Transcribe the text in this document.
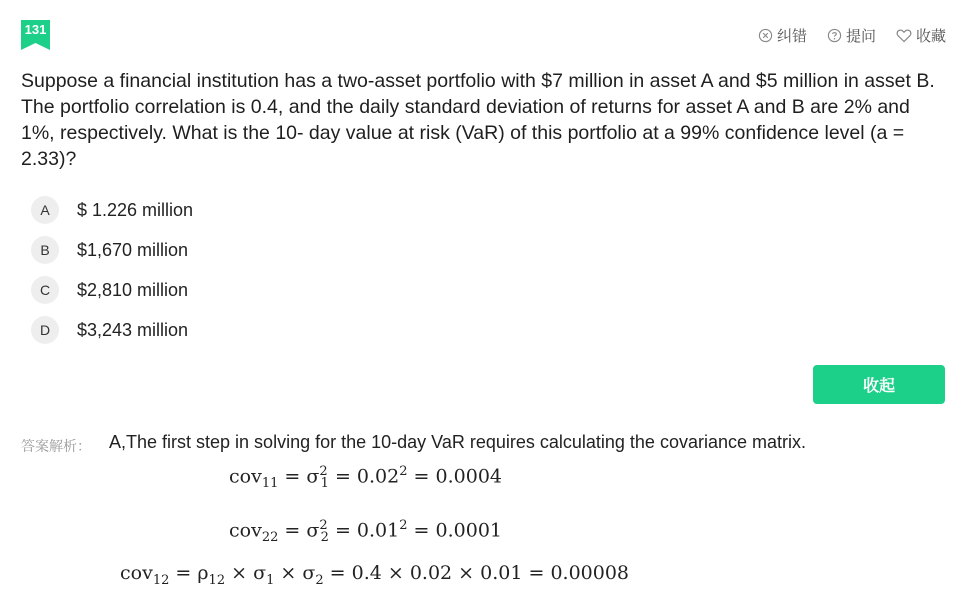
131	纠错	提问	收藏

Suppose a financial institution has a two-asset portfolio with $7 million in asset A and $5 million in asset B. The portfolio correlation is 0.4, and the daily standard deviation of returns for asset A and B are 2% and 1%, respectively. What is the 10- day value at risk (VaR) of this portfolio at a 99% confidence level (a = 2.33)?

A	$ 1.226 million
B	$1,670 million
C	$2,810 million
D	$3,243 million
收起
答案解析： A,The first step in solving for the 10-day VaR requires calculating the covariance matrix.
$cov_{11} = \sigma^2_1 = 0.02^2 = 0.0004$
$cov_{22} = \sigma^2_2 = 0.01^2 = 0.0001$
$cov_{12} = \rho_{12} \times \sigma_1 \times \sigma_2 = 0.4 \times 0.02 \times 0.01 = 0.00008$
